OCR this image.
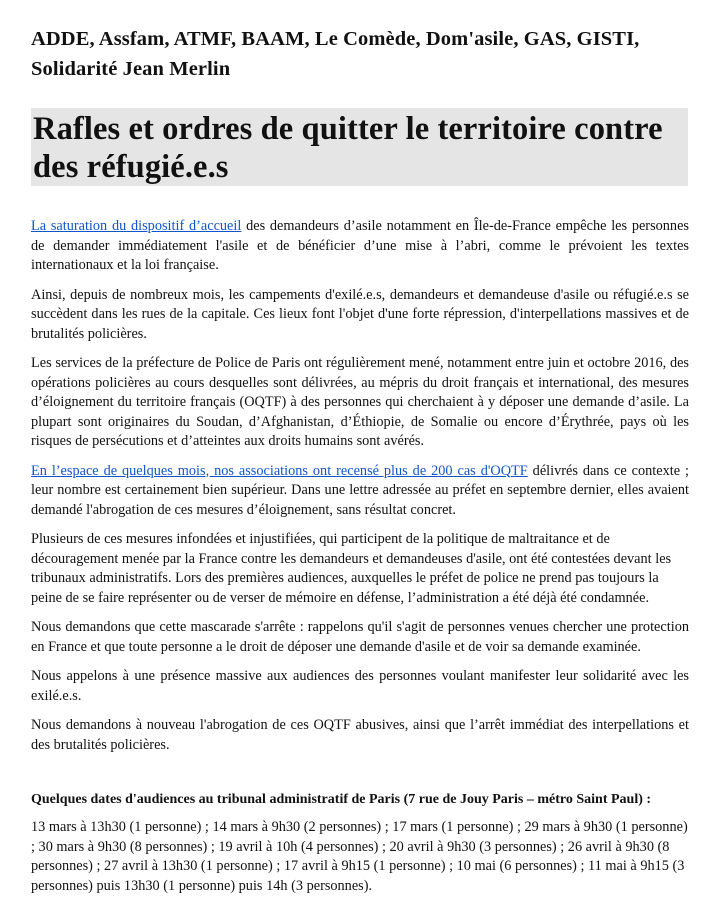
ADDE, Assfam, ATMF, BAAM, Le Comède, Dom'asile, GAS, GISTI,
Solidarité Jean Merlin
Rafles et ordres de quitter le territoire contre
des réfugié.e.s

La saturation du dispositif d’accueil des demandeurs d’asile notamment en Île-de-France empêche les personnes de demander immédiatement l'asile et de bénéficier d’une mise à l’abri, comme le prévoient les textes internationaux et la loi française.

Ainsi, depuis de nombreux mois, les campements d'exilé.e.s, demandeurs et demandeuse d'asile ou réfugié.e.s se succèdent dans les rues de la capitale. Ces lieux font l'objet d'une forte répression, d'interpellations massives et de brutalités policières.

Les services de la préfecture de Police de Paris ont régulièrement mené, notamment entre juin et octobre 2016, des opérations policières au cours desquelles sont délivrées, au mépris du droit français et international, des mesures d’éloignement du territoire français (OQTF) à des personnes qui cherchaient à y déposer une demande d’asile. La plupart sont originaires du Soudan, d’Afghanistan, d’Éthiopie, de Somalie ou encore d’Érythrée, pays où les risques de persécutions et d’atteintes aux droits humains sont avérés.

En l’espace de quelques mois, nos associations ont recensé plus de 200 cas d'OQTF délivrés dans ce contexte ; leur nombre est certainement bien supérieur. Dans une lettre adressée au préfet en septembre dernier, elles avaient demandé l'abrogation de ces mesures d’éloignement, sans résultat concret.

Plusieurs de ces mesures infondées et injustifiées, qui participent de la politique de maltraitance et de découragement menée par la France contre les demandeurs et demandeuses d'asile, ont été contestées devant les tribunaux administratifs. Lors des premières audiences, auxquelles le préfet de police ne prend pas toujours la peine de se faire représenter ou de verser de mémoire en défense, l’administration a été déjà été condamnée.

Nous demandons que cette mascarade s'arrête : rappelons qu'il s'agit de personnes venues chercher une protection en France et que toute personne a le droit de déposer une demande d'asile et de voir sa demande examinée.

Nous appelons à une présence massive aux audiences des personnes voulant manifester leur solidarité avec les exilé.e.s.

Nous demandons à nouveau l'abrogation de ces OQTF abusives, ainsi que l’arrêt immédiat des interpellations et des brutalités policières.

Quelques dates d'audiences au tribunal administratif de Paris (7 rue de Jouy Paris – métro Saint Paul) :

13 mars à 13h30 (1 personne) ; 14 mars à 9h30 (2 personnes) ; 17 mars (1 personne) ; 29 mars à 9h30 (1 personne) ; 30 mars à 9h30 (8 personnes) ; 19 avril à 10h (4 personnes) ; 20 avril à 9h30 (3 personnes) ; 26 avril à 9h30 (8 personnes) ; 27 avril à 13h30 (1 personne) ; 17 avril à 9h15 (1 personne) ; 10 mai (6 personnes) ; 11 mai à 9h15 (3 personnes) puis 13h30 (1 personne) puis 14h (3 personnes).
